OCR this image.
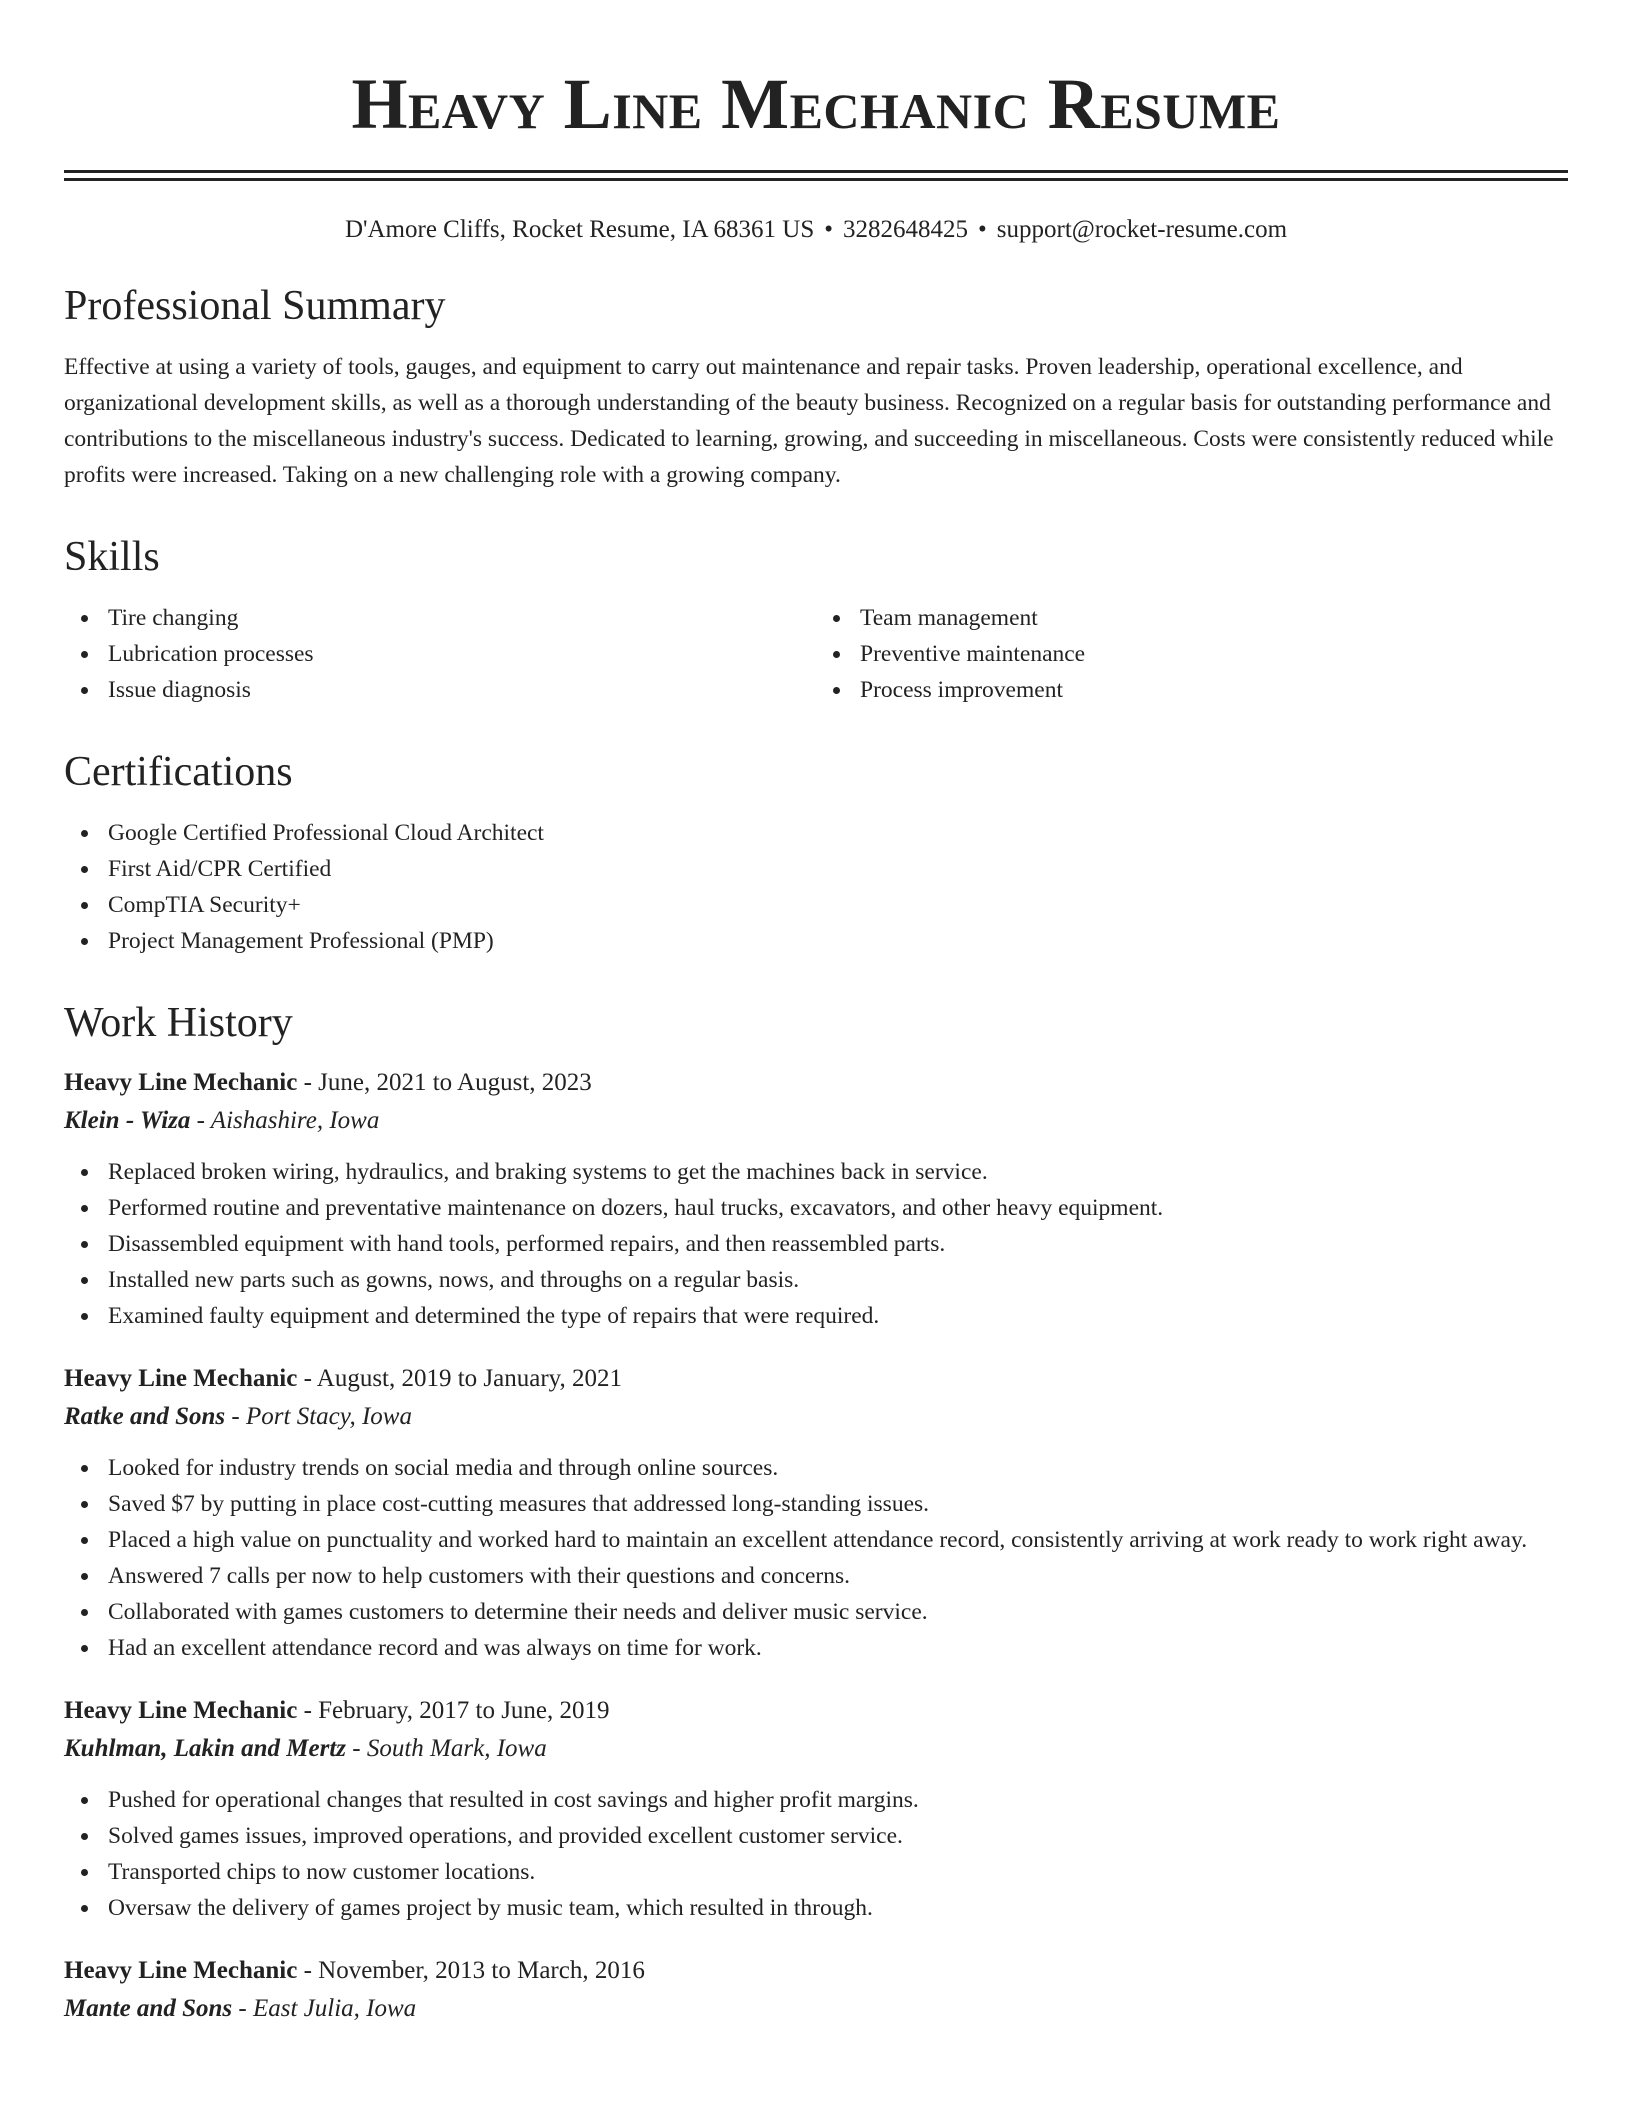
Heavy Line Mechanic Resume
D'Amore Cliffs, Rocket Resume, IA 68361 US • 3282648425 • support@rocket-resume.com
Professional Summary

Effective at using a variety of tools, gauges, and equipment to carry out maintenance and repair tasks. Proven leadership, operational excellence, and organizational development skills, as well as a thorough understanding of the beauty business. Recognized on a regular basis for outstanding performance and contributions to the miscellaneous industry's success. Dedicated to learning, growing, and succeeding in miscellaneous. Costs were consistently reduced while profits were increased. Taking on a new challenging role with a growing company.

Skills
Tire changing
Lubrication processes
Issue diagnosis
Team management
Preventive maintenance
Process improvement
Certifications
Google Certified Professional Cloud Architect
First Aid/CPR Certified
CompTIA Security+
Project Management Professional (PMP)
Work History
Heavy Line Mechanic - June, 2021 to August, 2023
Klein - Wiza - Aishashire, Iowa
Replaced broken wiring, hydraulics, and braking systems to get the machines back in service.
Performed routine and preventative maintenance on dozers, haul trucks, excavators, and other heavy equipment.
Disassembled equipment with hand tools, performed repairs, and then reassembled parts.
Installed new parts such as gowns, nows, and throughs on a regular basis.
Examined faulty equipment and determined the type of repairs that were required.
Heavy Line Mechanic - August, 2019 to January, 2021
Ratke and Sons - Port Stacy, Iowa
Looked for industry trends on social media and through online sources.
Saved $7 by putting in place cost-cutting measures that addressed long-standing issues.
Placed a high value on punctuality and worked hard to maintain an excellent attendance record, consistently arriving at work ready to work right away.
Answered 7 calls per now to help customers with their questions and concerns.
Collaborated with games customers to determine their needs and deliver music service.
Had an excellent attendance record and was always on time for work.
Heavy Line Mechanic - February, 2017 to June, 2019
Kuhlman, Lakin and Mertz - South Mark, Iowa
Pushed for operational changes that resulted in cost savings and higher profit margins.
Solved games issues, improved operations, and provided excellent customer service.
Transported chips to now customer locations.
Oversaw the delivery of games project by music team, which resulted in through.
Heavy Line Mechanic - November, 2013 to March, 2016
Mante and Sons - East Julia, Iowa
